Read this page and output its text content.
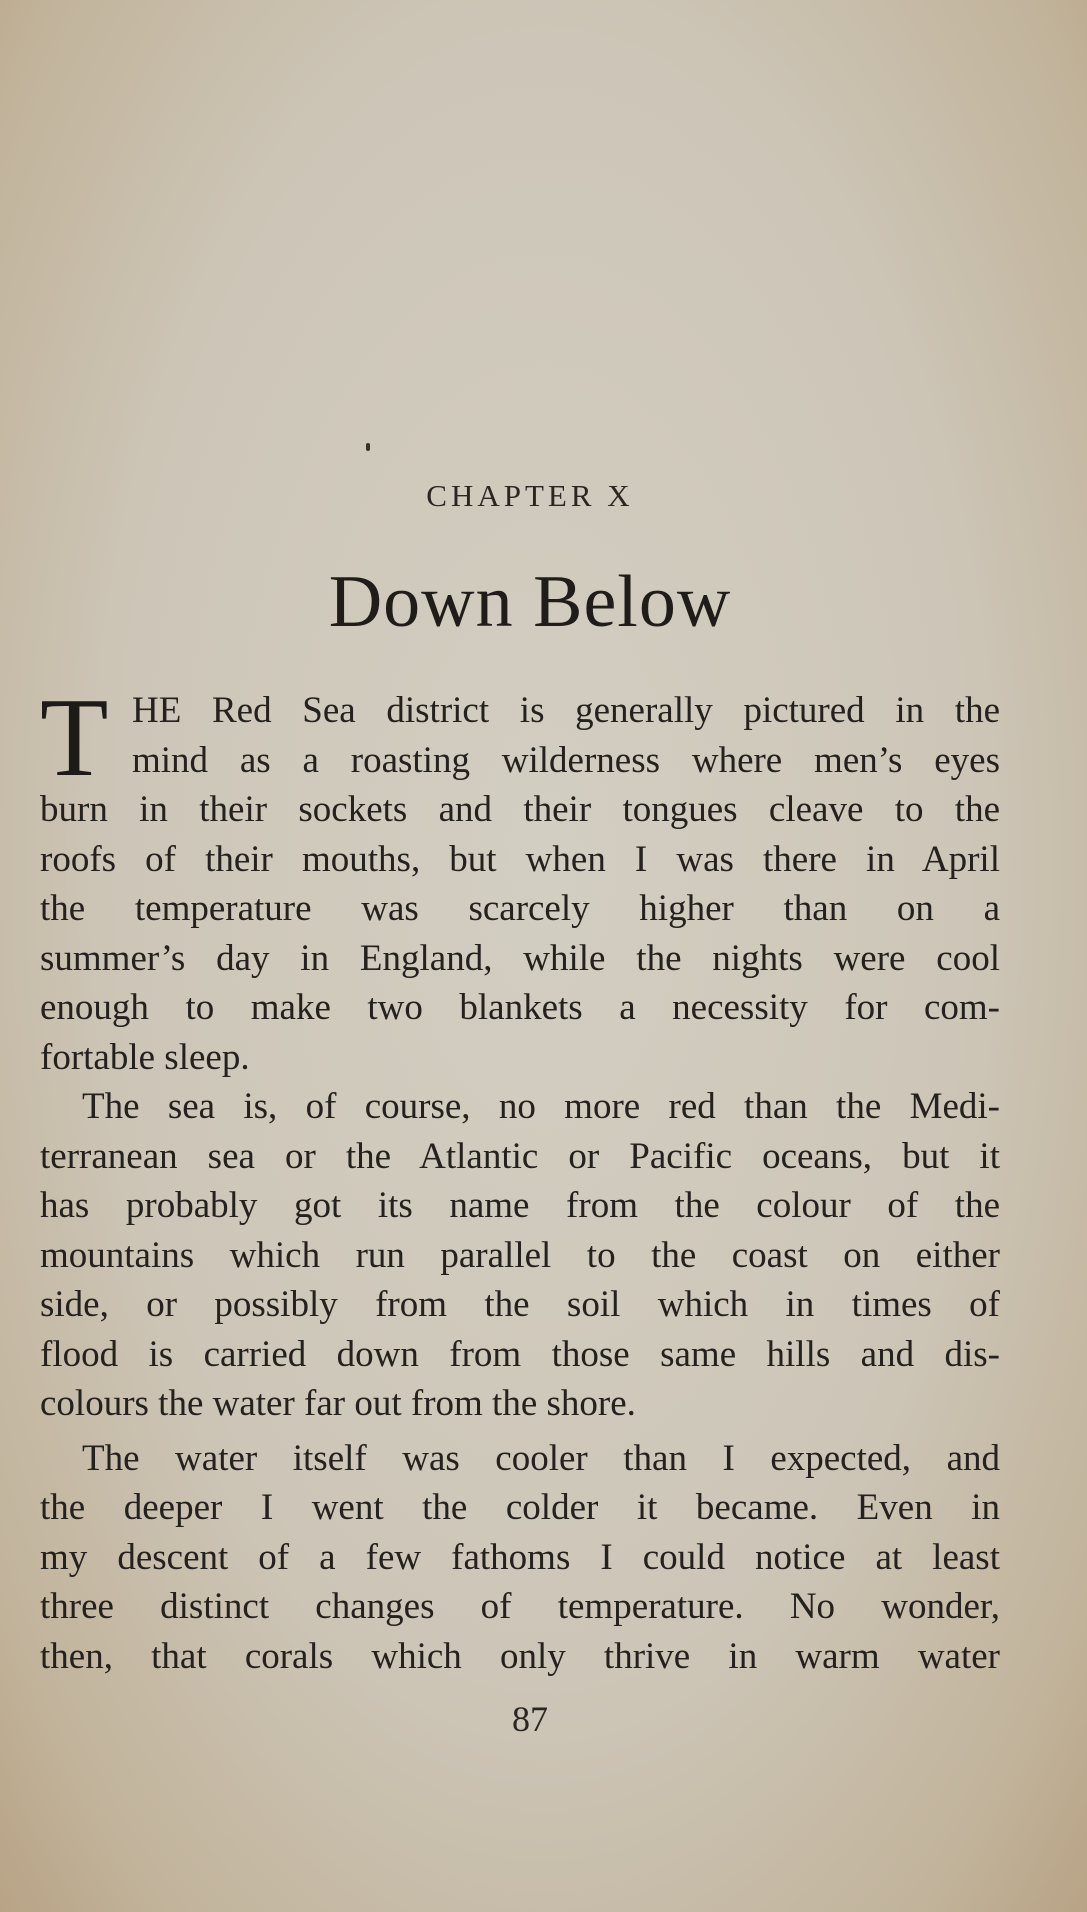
CHAPTER X
Down Below
T HE Red Sea district is generally pictured in the
mind as a roasting wilderness where men’s eyes
burn in their sockets and their tongues cleave to the
roofs of their mouths, but when I was there in April
the temperature was scarcely higher than on a
summer’s day in England, while the nights were cool
enough to make two blankets a necessity for com-
fortable sleep.
The sea is, of course, no more red than the Medi-
terranean sea or the Atlantic or Pacific oceans, but it
has probably got its name from the colour of the
mountains which run parallel to the coast on either
side, or possibly from the soil which in times of
flood is carried down from those same hills and dis-
colours the water far out from the shore.
The water itself was cooler than I expected, and
the deeper I went the colder it became. Even in
my descent of a few fathoms I could notice at least
three distinct changes of temperature. No wonder,
then, that corals which only thrive in warm water
87
